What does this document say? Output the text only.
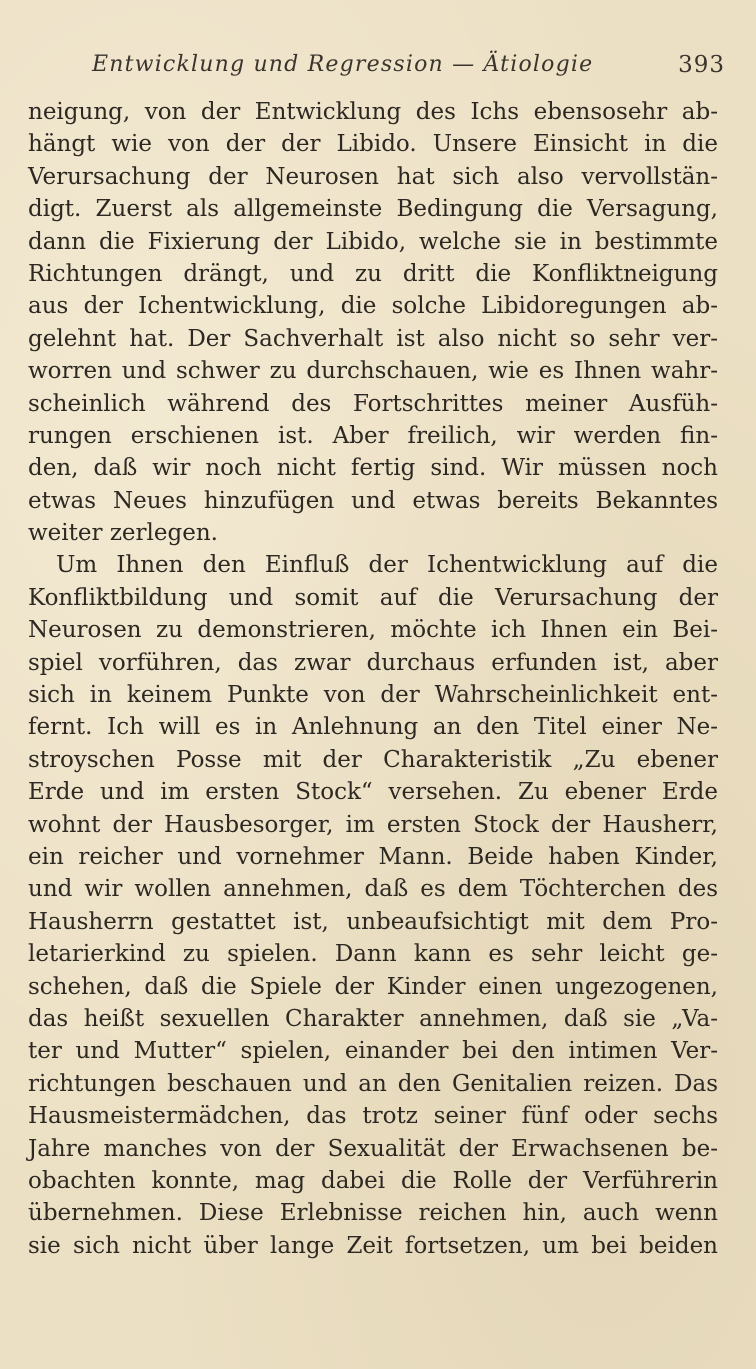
Entwicklung und Regression — Ätiologie	393
neigung, von der Entwicklung des Ichs ebensosehr ab-
hängt wie von der der Libido. Unsere Einsicht in die
Verursachung der Neurosen hat sich also vervollstän-
digt. Zuerst als allgemeinste Bedingung die Versagung,
dann die Fixierung der Libido, welche sie in bestimmte
Richtungen drängt, und zu dritt die Konfliktneigung
aus der Ichentwicklung, die solche Libidoregungen ab-
gelehnt hat. Der Sachverhalt ist also nicht so sehr ver-
worren und schwer zu durchschauen, wie es Ihnen wahr-
scheinlich während des Fortschrittes meiner Ausfüh-
rungen erschienen ist. Aber freilich, wir werden fin-
den, daß wir noch nicht fertig sind. Wir müssen noch
etwas Neues hinzufügen und etwas bereits Bekanntes
weiter zerlegen.
Um Ihnen den Einfluß der Ichentwicklung auf die
Konfliktbildung und somit auf die Verursachung der
Neurosen zu demonstrieren, möchte ich Ihnen ein Bei-
spiel vorführen, das zwar durchaus erfunden ist, aber
sich in keinem Punkte von der Wahrscheinlichkeit ent-
fernt. Ich will es in Anlehnung an den Titel einer Ne-
stroyschen Posse mit der Charakteristik „Zu ebener
Erde und im ersten Stock“ versehen. Zu ebener Erde
wohnt der Hausbesorger, im ersten Stock der Hausherr,
ein reicher und vornehmer Mann. Beide haben Kinder,
und wir wollen annehmen, daß es dem Töchterchen des
Hausherrn gestattet ist, unbeaufsichtigt mit dem Pro-
letarierkind zu spielen. Dann kann es sehr leicht ge-
schehen, daß die Spiele der Kinder einen ungezogenen,
das heißt sexuellen Charakter annehmen, daß sie „Va-
ter und Mutter“ spielen, einander bei den intimen Ver-
richtungen beschauen und an den Genitalien reizen. Das
Hausmeistermädchen, das trotz seiner fünf oder sechs
Jahre manches von der Sexualität der Erwachsenen be-
obachten konnte, mag dabei die Rolle der Verführerin
übernehmen. Diese Erlebnisse reichen hin, auch wenn
sie sich nicht über lange Zeit fortsetzen, um bei beiden
